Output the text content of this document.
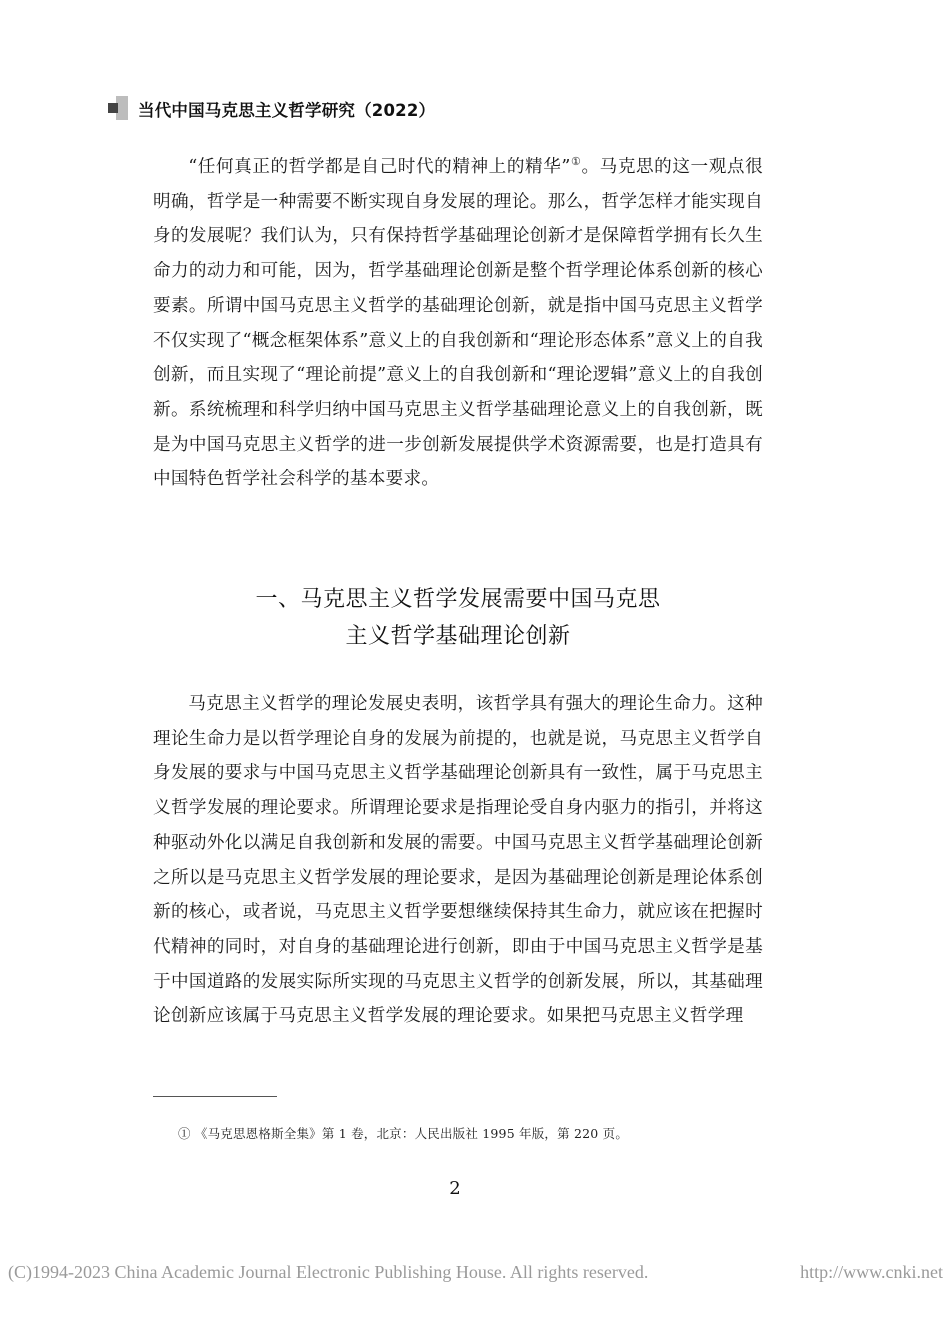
当代中国马克思主义哲学研究（2022）

“任何真正的哲学都是自己时代的精神上的精华”①。马克思的这一观点很明确，哲学是一种需要不断实现自身发展的理论。那么，哲学怎样才能实现自身的发展呢？我们认为，只有保持哲学基础理论创新才是保障哲学拥有长久生命力的动力和可能，因为，哲学基础理论创新是整个哲学理论体系创新的核心要素。所谓中国马克思主义哲学的基础理论创新，就是指中国马克思主义哲学不仅实现了“概念框架体系”意义上的自我创新和“理论形态体系”意义上的自我创新，而且实现了“理论前提”意义上的自我创新和“理论逻辑”意义上的自我创新。系统梳理和科学归纳中国马克思主义哲学基础理论意义上的自我创新，既是为中国马克思主义哲学的进一步创新发展提供学术资源需要，也是打造具有中国特色哲学社会科学的基本要求。

一、马克思主义哲学发展需要中国马克思
主义哲学基础理论创新

马克思主义哲学的理论发展史表明，该哲学具有强大的理论生命力。这种理论生命力是以哲学理论自身的发展为前提的，也就是说，马克思主义哲学自身发展的要求与中国马克思主义哲学基础理论创新具有一致性，属于马克思主义哲学发展的理论要求。所谓理论要求是指理论受自身内驱力的指引，并将这种驱动外化以满足自我创新和发展的需要。中国马克思主义哲学基础理论创新之所以是马克思主义哲学发展的理论要求，是因为基础理论创新是理论体系创新的核心，或者说，马克思主义哲学要想继续保持其生命力，就应该在把握时代精神的同时，对自身的基础理论进行创新，即由于中国马克思主义哲学是基于中国道路的发展实际所实现的马克思主义哲学的创新发展，所以，其基础理论创新应该属于马克思主义哲学发展的理论要求。如果把马克思主义哲学理

① 《马克思恩格斯全集》第 1 卷，北京：人民出版社 1995 年版，第 220 页。
2
(C)1994-2023 China Academic Journal Electronic Publishing House. All rights reserved.	http://www.cnki.net
